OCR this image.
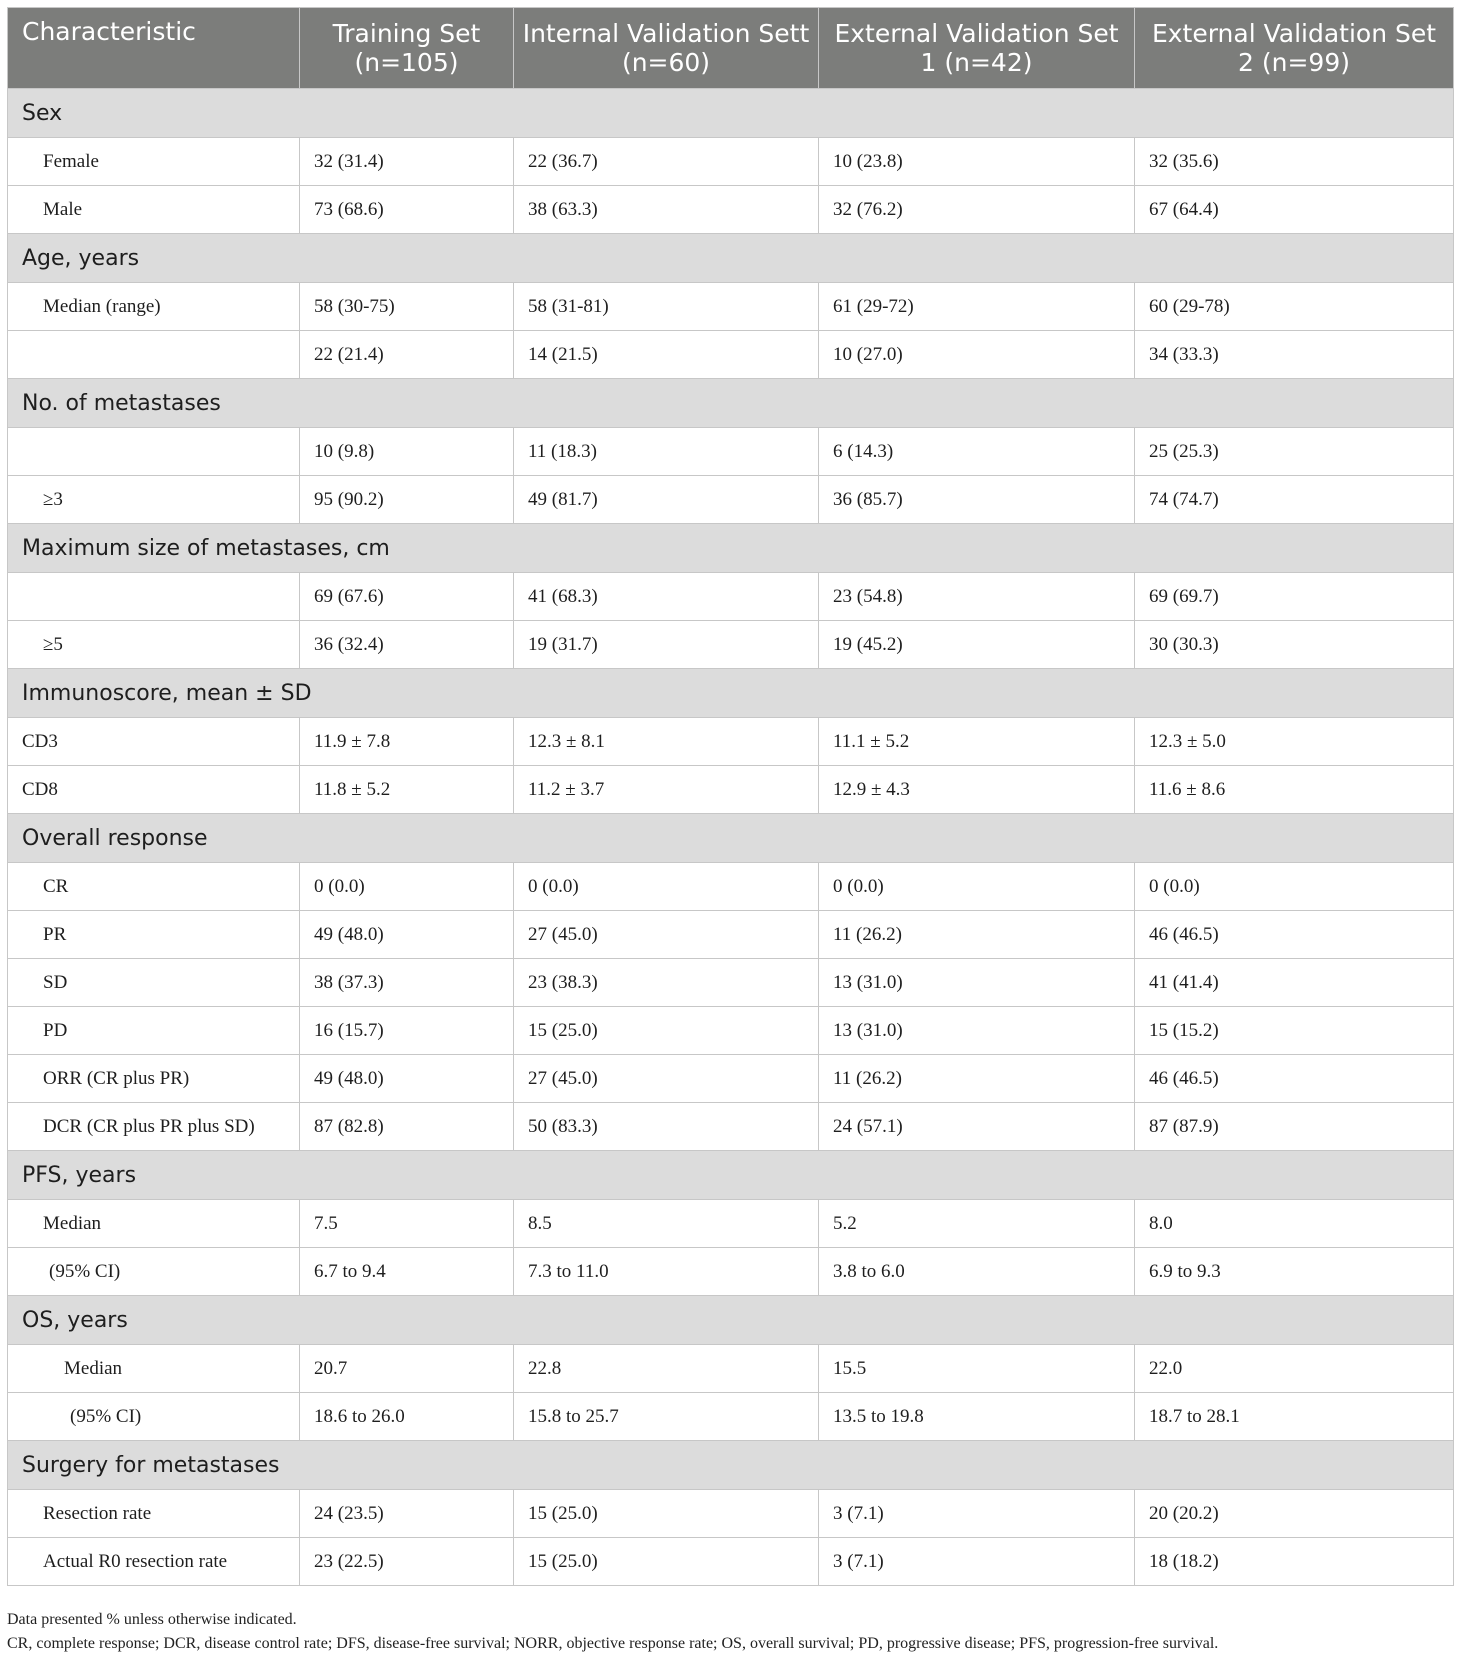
Characteristic	Training Set (n=105)	Internal Validation Sett (n=60)	External Validation Set 1 (n=42)	External Validation Set 2 (n=99)
Sex				
Female	32 (31.4)	22 (36.7)	10 (23.8)	32 (35.6)
Male	73 (68.6)	38 (63.3)	32 (76.2)	67 (64.4)
Age, years				
Median (range)	58 (30-75)	58 (31-81)	61 (29-72)	60 (29-78)
	22 (21.4)	14 (21.5)	10 (27.0)	34 (33.3)
No. of metastases				
	10 (9.8)	11 (18.3)	6 (14.3)	25 (25.3)
≥3	95 (90.2)	49 (81.7)	36 (85.7)	74 (74.7)
Maximum size of metastases, cm				
	69 (67.6)	41 (68.3)	23 (54.8)	69 (69.7)
≥5	36 (32.4)	19 (31.7)	19 (45.2)	30 (30.3)
Immunoscore, mean ± SD				
CD3	11.9 ± 7.8	12.3 ± 8.1	11.1 ± 5.2	12.3 ± 5.0
CD8	11.8 ± 5.2	11.2 ± 3.7	12.9 ± 4.3	11.6 ± 8.6
Overall response				
CR	0 (0.0)	0 (0.0)	0 (0.0)	0 (0.0)
PR	49 (48.0)	27 (45.0)	11 (26.2)	46 (46.5)
SD	38 (37.3)	23 (38.3)	13 (31.0)	41 (41.4)
PD	16 (15.7)	15 (25.0)	13 (31.0)	15 (15.2)
ORR (CR plus PR)	49 (48.0)	27 (45.0)	11 (26.2)	46 (46.5)
DCR (CR plus PR plus SD)	87 (82.8)	50 (83.3)	24 (57.1)	87 (87.9)
PFS, years				
Median	7.5	8.5	5.2	8.0
(95% CI)	6.7 to 9.4	7.3 to 11.0	3.8 to 6.0	6.9 to 9.3
OS, years				
Median	20.7	22.8	15.5	22.0
(95% CI)	18.6 to 26.0	15.8 to 25.7	13.5 to 19.8	18.7 to 28.1
Surgery for metastases				
Resection rate	24 (23.5)	15 (25.0)	3 (7.1)	20 (20.2)
Actual R0 resection rate	23 (22.5)	15 (25.0)	3 (7.1)	18 (18.2)
Data presented % unless otherwise indicated.
CR, complete response; DCR, disease control rate; DFS, disease-free survival; NORR, objective response rate; OS, overall survival; PD, progressive disease; PFS, progression-free survival.
